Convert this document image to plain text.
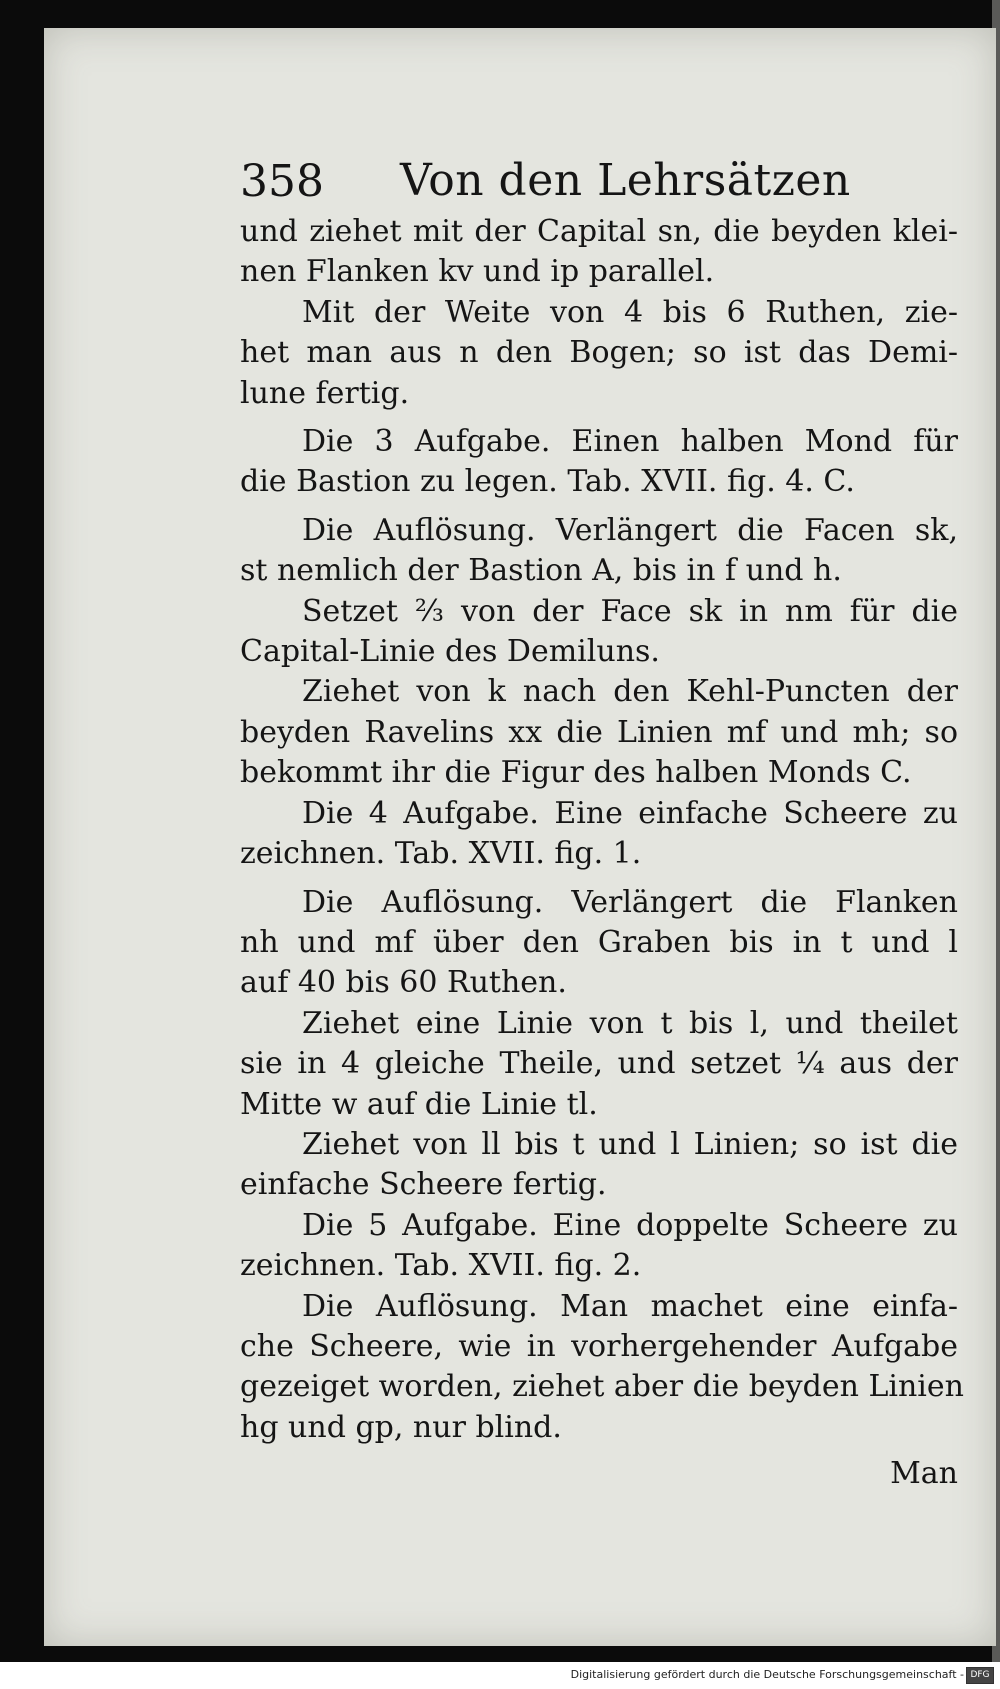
358 Von den Lehrsätzen
und ziehet mit der Capital sn, die beyden klei-
nen Flanken kv und ip parallel.
Mit der Weite von 4 bis 6 Ruthen, zie-
het man aus n den Bogen; so ist das Demi-
lune fertig.
Die 3 Aufgabe. Einen halben Mond für
die Bastion zu legen. Tab. XVII. fig. 4. C.
Die Auflösung. Verlängert die Facen sk,
st nemlich der Bastion A, bis in f und h.
Setzet ⅔ von der Face sk in nm für die
Capital-Linie des Demiluns.
Ziehet von k nach den Kehl-Puncten der
beyden Ravelins xx die Linien mf und mh; so
bekommt ihr die Figur des halben Monds C.
Die 4 Aufgabe. Eine einfache Scheere zu
zeichnen. Tab. XVII. fig. 1.
Die Auflösung. Verlängert die Flanken
nh und mf über den Graben bis in t und l
auf 40 bis 60 Ruthen.
Ziehet eine Linie von t bis l, und theilet
sie in 4 gleiche Theile, und setzet ¼ aus der
Mitte w auf die Linie tl.
Ziehet von ll bis t und l Linien; so ist die
einfache Scheere fertig.
Die 5 Aufgabe. Eine doppelte Scheere zu
zeichnen. Tab. XVII. fig. 2.
Die Auflösung. Man machet eine einfa-
che Scheere, wie in vorhergehender Aufgabe
gezeiget worden, ziehet aber die beyden Linien
hg und gp, nur blind.
Man
Digitalisierung gefördert durch die Deutsche Forschungsgemeinschaft - DFG
